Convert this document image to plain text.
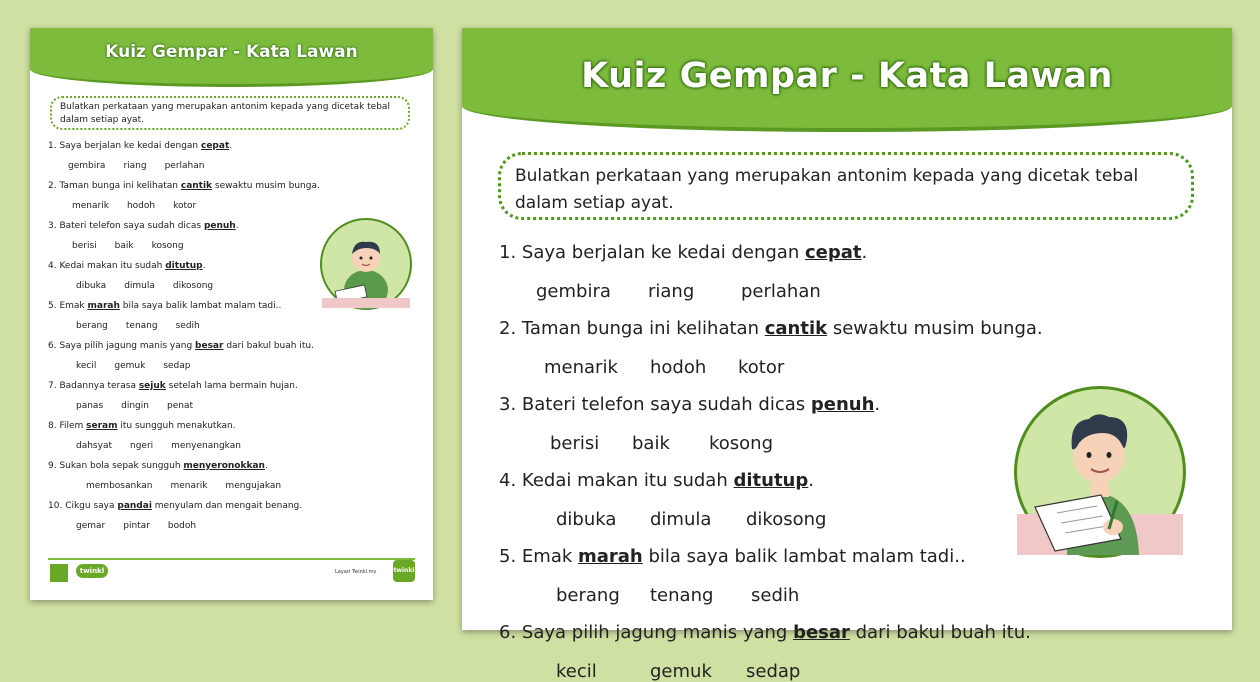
Kuiz Gempar - Kata Lawan
Bulatkan perkataan yang merupakan antonim kepada yang dicetak tebal dalam setiap ayat.
1. Saya berjalan ke kedai dengan cepat.
gembira riang perlahan
2. Taman bunga ini kelihatan cantik sewaktu musim bunga.
menarik hodoh kotor
3. Bateri telefon saya sudah dicas penuh.
berisi baik kosong
4. Kedai makan itu sudah ditutup.
dibuka dimula dikosong
5. Emak marah bila saya balik lambat malam tadi..
berang tenang sedih
6. Saya pilih jagung manis yang besar dari bakul buah itu.
kecil gemuk sedap
7. Badannya terasa sejuk setelah lama bermain hujan.
panas dingin penat
8. Filem seram itu sungguh menakutkan.
dahsyat ngeri menyenangkan
9. Sukan bola sepak sungguh menyeronokkan.
membosankan menarik mengujakan
10. Cikgu saya pandai menyulam dan mengait benang.
gemar pintar bodoh
twinkl	Layari Twinkl.my	twinkl
Kuiz Gempar - Kata Lawan
Bulatkan perkataan yang merupakan antonim kepada yang dicetak tebal dalam setiap ayat.
1. Saya berjalan ke kedai dengan cepat.
gembira riang	perlahan
2. Taman bunga ini kelihatan cantik sewaktu musim bunga.
menarik hodoh kotor
3. Bateri telefon saya sudah dicas penuh.
berisi baik kosong
4. Kedai makan itu sudah ditutup.
dibuka dimula dikosong
5. Emak marah bila saya balik lambat malam tadi..
berang tenang sedih
6. Saya pilih jagung manis yang besar dari bakul buah itu.
kecil	gemuk sedap
